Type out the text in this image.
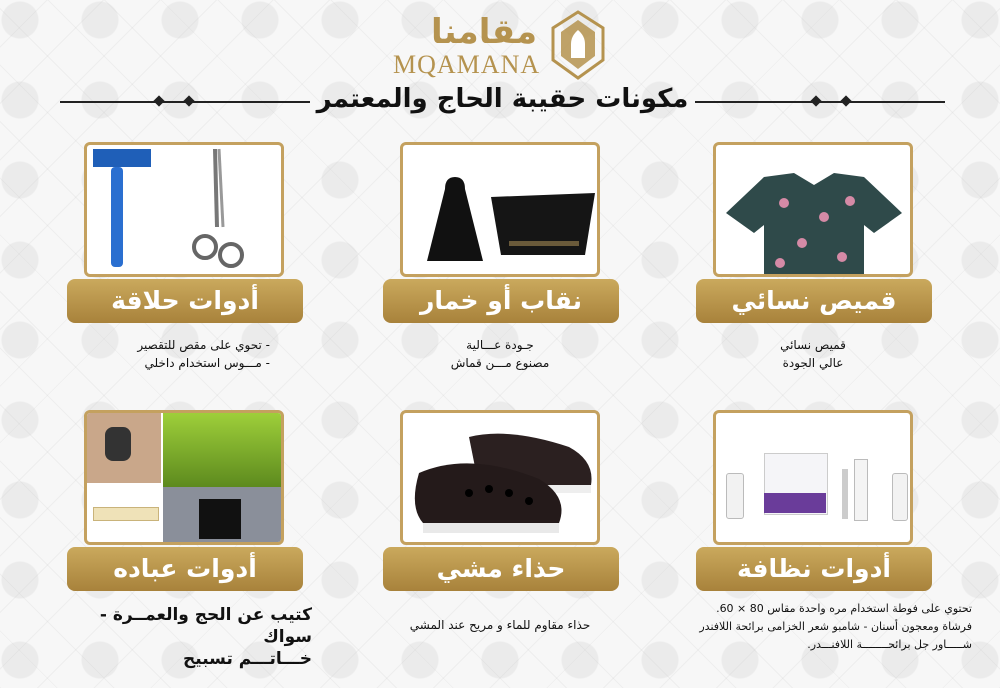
مقامنا
MQAMANA
مكونات حقيبة الحاج والمعتمر
أدوات حلاقة
- تحوي على مقص للتقصير
- مـــوس استخدام داخلي
نقاب أو خمار
جـودة عـــالية
مصنوع مـــن قماش
قميص نسائي
قميص نسائي
عالي الجودة
أدوات عباده
كتيب عن الحج والعمــرة - سواك
خـــاتـــم تسبيح
حذاء مشي
حذاء مقاوم للماء و مريح عند المشي
أدوات نظافة
تحتوي على فوطة استخدام مره واحدة مقاس 80 × 60.
فرشاة ومعجون أسنان - شامبو شعر الخزامى برائحة اللافندر
شـــــاور جل برائحــــــــة اللافنـــدر.
